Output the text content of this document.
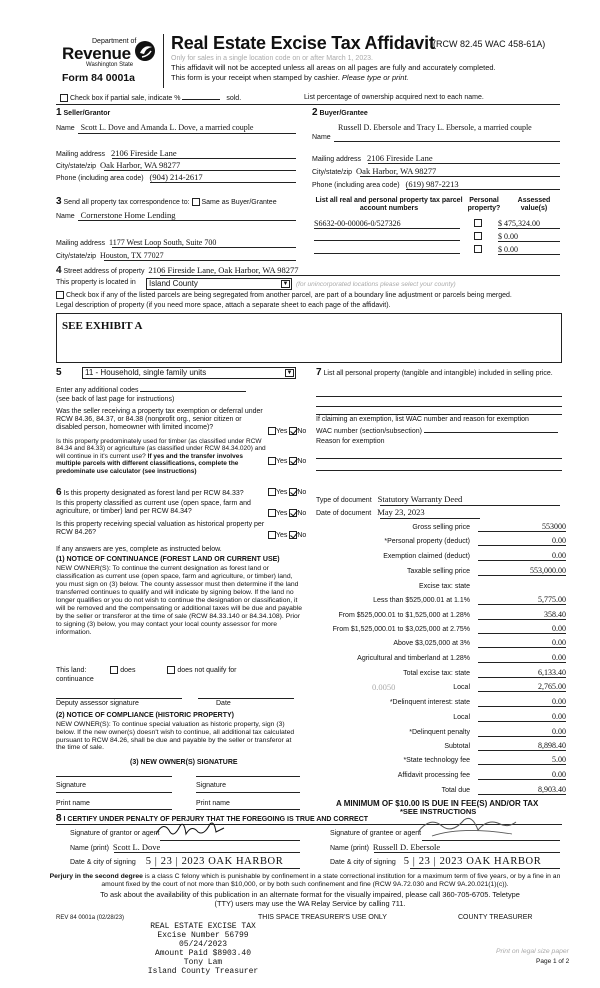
Department of
Revenue
Washington State
Form 84 0001a
Real Estate Excise Tax Affidavit
(RCW 82.45 WAC 458-61A)
Only for sales in a single location code on or after March 1, 2023.
This affidavit will not be accepted unless all areas on all pages are fully and accurately completed.
This form is your receipt when stamped by cashier. Please type or print.
Check box if partial sale, indicate %	sold.	List percentage of ownership acquired next to each name.
1 Seller/Grantor
Name Scott L. Dove and Amanda L. Dove, a married couple
Mailing address 2106 Fireside Lane
City/state/zip Oak Harbor, WA 98277
Phone (including area code) (904) 214-2617
2 Buyer/Grantee
Russell D. Ebersole and Tracy L. Ebersole, a married couple
Name
Mailing address 2106 Fireside Lane
City/state/zip Oak Harbor, WA 98277
Phone (including area code) (619) 987-2213
3 Send all property tax correspondence to: Same as Buyer/Grantee
Name Cornerstone Home Lending
Mailing address 1177 West Loop South, Suite 700
City/state/zip Houston, TX 77027
List all real and personal property tax parcel account numbers
Personal property?
Assessed value(s)
S6632-00-00006-0/527326	$ 475,324.00
$ 0.00
$ 0.00
4 Street address of property 2106 Fireside Lane, Oak Harbor, WA 98277
This property is located in	Island County	▼ (for unincorporated locations please select your county)
Check box if any of the listed parcels are being segregated from another parcel, are part of a boundary line adjustment or parcels being merged.
Legal description of property (if you need more space, attach a separate sheet to each page of the affidavit).
SEE EXHIBIT A
5	11 - Household, single family units	▼
Enter any additional codes
(see back of last page for instructions)
Was the seller receiving a property tax exemption or deferral under RCW 84.36, 84.37, or 84.38 (nonprofit org., senior citizen or disabled person, homeowner with limited income)?
Yes No
Is this property predominately used for timber (as classified under RCW 84.34 and 84.33) or agriculture (as classified under RCW 84.34.020) and will continue in it's current use? If yes and the transfer involves multiple parcels with different classifications, complete the predominate use calculator (see instructions)
Yes No
7 List all personal property (tangible and intangible) included in selling price.
If claiming an exemption, list WAC number and reason for exemption
WAC number (section/subsection)
Reason for exemption
6 Is this property designated as forest land per RCW 84.33?	Yes No
Is this property classified as current use (open space, farm and agriculture, or timber) land per RCW 84.34?	Yes No
Is this property receiving special valuation as historical property per RCW 84.26?	Yes No
If any answers are yes, complete as instructed below.
(1) NOTICE OF CONTINUANCE (FOREST LAND OR CURRENT USE)
NEW OWNER(S): To continue the current designation as forest land or classification as current use (open space, farm and agriculture, or timber) land, you must sign on (3) below. The county assessor must then determine if the land transferred continues to qualify and will indicate by signing below. If the land no longer qualifies or you do not wish to continue the designation or classification, it will be removed and the compensating or additional taxes will be due and payable by the seller or transferor at the time of sale (RCW 84.33.140 or 84.34.108). Prior to signing (3) below, you may contact your local county assessor for more information.
This land:	does	does not qualify for
continuance
Deputy assessor signature	Date
(2) NOTICE OF COMPLIANCE (HISTORIC PROPERTY)
NEW OWNER(S): To continue special valuation as historic property, sign (3) below. If the new owner(s) doesn't wish to continue, all additional tax calculated pursuant to RCW 84.26, shall be due and payable by the seller or transferor at the time of sale.
(3) NEW OWNER(S) SIGNATURE
Signature	Signature
Print name	Print name
Type of document Statutory Warranty Deed
Date of document May 23, 2023
Gross selling price	553000
*Personal property (deduct)	0.00
Exemption claimed (deduct)	0.00
Taxable selling price	553,000.00
Excise tax: state
Less than $525,000.01 at 1.1%	5,775.00
From $525,000.01 to $1,525,000 at 1.28%	358.40
From $1,525,000.01 to $3,025,000 at 2.75%	0.00
Above $3,025,000 at 3%	0.00
Agricultural and timberland at 1.28%	0.00
Total excise tax: state	6,133.40
0.0050	Local	2,765.00
*Delinquent interest: state	0.00
Local	0.00
*Delinquent penalty	0.00
Subtotal	8,898.40
*State technology fee	5.00
Affidavit processing fee	0.00
Total due	8,903.40
A MINIMUM OF $10.00 IS DUE IN FEE(S) AND/OR TAX
*SEE INSTRUCTIONS
8 I CERTIFY UNDER PENALTY OF PERJURY THAT THE FOREGOING IS TRUE AND CORRECT
Signature of grantor or agent	Signature of grantee or agent
Name (print) Scott L. Dove	Name (print) Russell D. Ebersole
Date & city of signing 5 | 23 | 2023 OAK HARBOR	Date & city of signing 5 | 23 | 2023 OAK HARBOR
Perjury in the second degree is a class C felony which is punishable by confinement in a state correctional institution for a maximum term of five years, or by a fine in an amount fixed by the court of not more than $10,000, or by both such confinement and fine (RCW 9A.72.030 and RCW 9A.20.021(1)(c)).
To ask about the availability of this publication in an alternate format for the visually impaired, please call 360-705-6705. Teletype (TTY) users may use the WA Relay Service by calling 711.
REV 84 0001a (02/28/23)	THIS SPACE TREASURER'S USE ONLY	COUNTY TREASURER
REAL ESTATE EXCISE TAX
Excise Number 56799
05/24/2023
Amount Paid $8903.40
Tony Lam
Island County Treasurer
Print on legal size paper
Page 1 of 2
